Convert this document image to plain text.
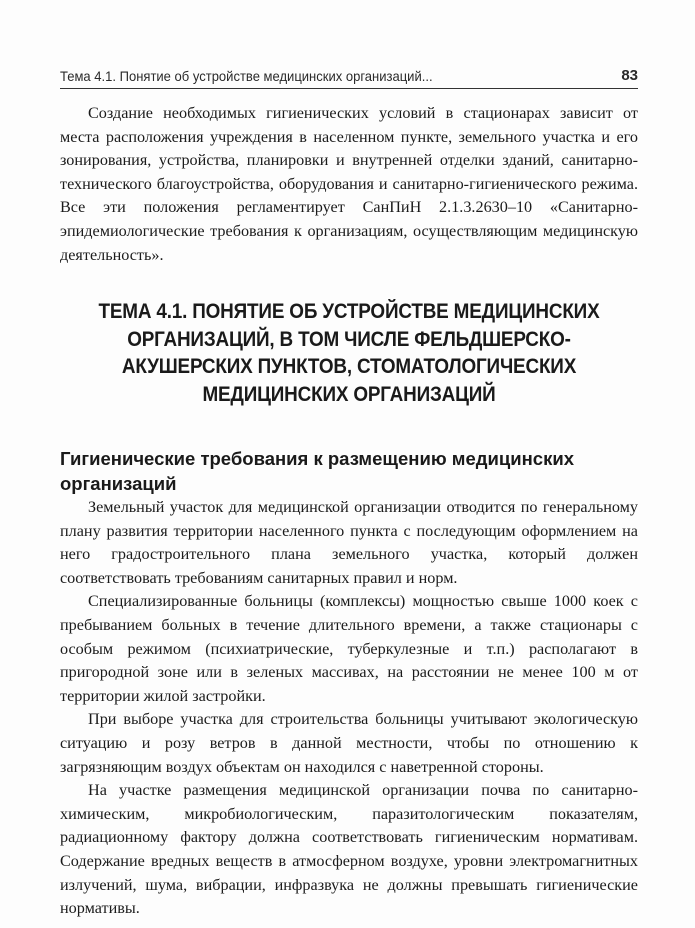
Тема 4.1. Понятие об устройстве медицинских организаций...	83

Создание необходимых гигиенических условий в стационарах зависит от места расположения учреждения в населенном пункте, земельного участка и его зонирования, устройства, планировки и внутренней отделки зданий, санитарно-технического благоустройства, оборудования и санитарно-гигиенического режима. Все эти положения регламентирует СанПиН 2.1.3.2630–10 «Санитарно-эпидемиологические требования к организациям, осуществляющим медицинскую деятельность».

ТЕМА 4.1. ПОНЯТИЕ ОБ УСТРОЙСТВЕ МЕДИЦИНСКИХ ОРГАНИЗАЦИЙ, В ТОМ ЧИСЛЕ ФЕЛЬДШЕРСКО-АКУШЕРСКИХ ПУНКТОВ, СТОМАТОЛОГИЧЕСКИХ МЕДИЦИНСКИХ ОРГАНИЗАЦИЙ
Гигиенические требования к размещению медицинских организаций

Земельный участок для медицинской организации отводится по генеральному плану развития территории населенного пункта с последующим оформлением на него градостроительного плана земельного участка, который должен соответствовать требованиям санитарных правил и норм.

Специализированные больницы (комплексы) мощностью свыше 1000 коек с пребыванием больных в течение длительного времени, а также стационары с особым режимом (психиатрические, туберкулезные и т.п.) располагают в пригородной зоне или в зеленых массивах, на расстоянии не менее 100 м от территории жилой застройки.

При выборе участка для строительства больницы учитывают экологическую ситуацию и розу ветров в данной местности, чтобы по отношению к загрязняющим воздух объектам он находился с наветренной стороны.

На участке размещения медицинской организации почва по санитарно-химическим, микробиологическим, паразитологическим показателям, радиационному фактору должна соответствовать гигиеническим нормативам. Содержание вредных веществ в атмосферном воздухе, уровни электромагнитных излучений, шума, вибрации, инфразвука не должны превышать гигиенические нормативы.
